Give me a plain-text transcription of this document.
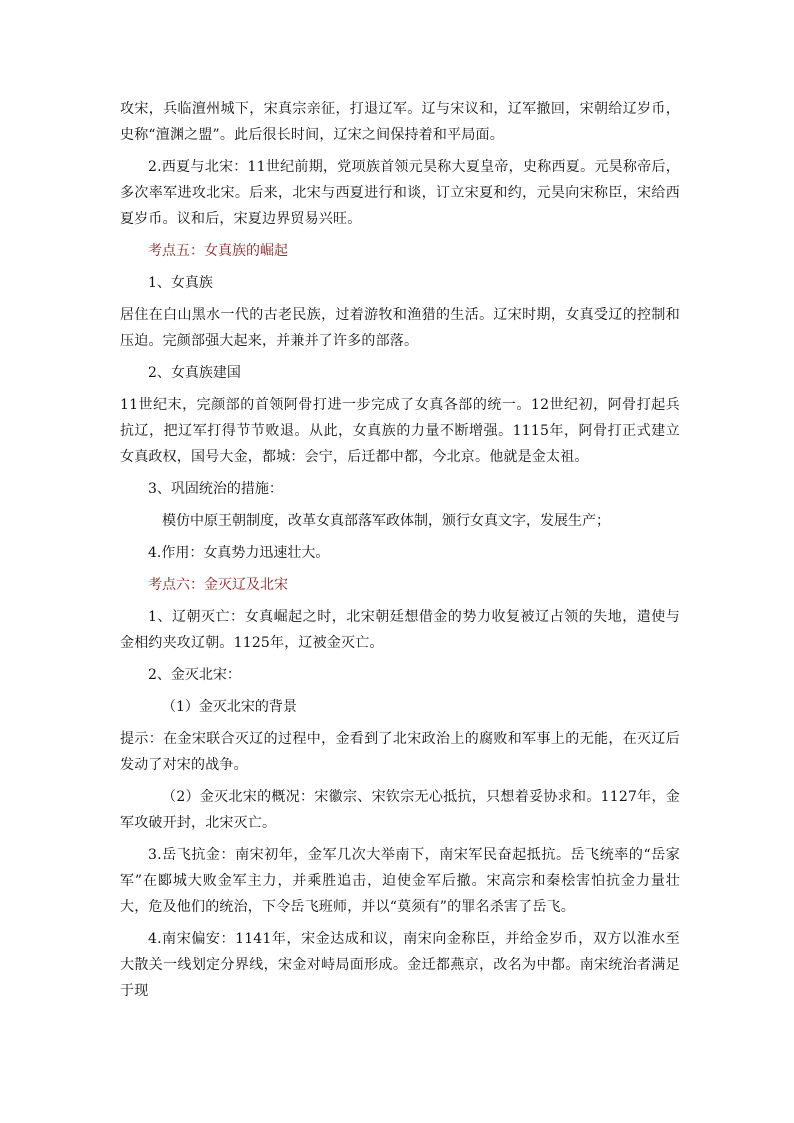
攻宋，兵临澶州城下，宋真宗亲征，打退辽军。辽与宋议和，辽军撤回，宋朝给辽岁币，史称“澶渊之盟”。此后很长时间，辽宋之间保持着和平局面。

2.西夏与北宋：11世纪前期，党项族首领元昊称大夏皇帝，史称西夏。元昊称帝后，多次率军进攻北宋。后来，北宋与西夏进行和谈，订立宋夏和约，元昊向宋称臣，宋给西夏岁币。议和后，宋夏边界贸易兴旺。

考点五：女真族的崛起

1、女真族

居住在白山黑水一代的古老民族，过着游牧和渔猎的生活。辽宋时期，女真受辽的控制和压迫。完颜部强大起来，并兼并了许多的部落。

2、女真族建国

11世纪末，完颜部的首领阿骨打进一步完成了女真各部的统一。12世纪初，阿骨打起兵抗辽，把辽军打得节节败退。从此，女真族的力量不断增强。1115年，阿骨打正式建立女真政权，国号大金，都城：会宁，后迁都中都，今北京。他就是金太祖。

3、巩固统治的措施：

模仿中原王朝制度，改革女真部落军政体制，颁行女真文字，发展生产；

4.作用：女真势力迅速壮大。

考点六：金灭辽及北宋

1、辽朝灭亡：女真崛起之时，北宋朝廷想借金的势力收复被辽占领的失地，遣使与金相约夹攻辽朝。1125年，辽被金灭亡。

2、金灭北宋：

（1）金灭北宋的背景

提示：在金宋联合灭辽的过程中，金看到了北宋政治上的腐败和军事上的无能，在灭辽后发动了对宋的战争。

（2）金灭北宋的概况：宋徽宗、宋钦宗无心抵抗，只想着妥协求和。1127年，金军攻破开封，北宋灭亡。

3.岳飞抗金：南宋初年，金军几次大举南下，南宋军民奋起抵抗。岳飞统率的“岳家军”在郾城大败金军主力，并乘胜追击，迫使金军后撤。宋高宗和秦桧害怕抗金力量壮大，危及他们的统治，下令岳飞班师，并以“莫须有”的罪名杀害了岳飞。

4.南宋偏安：1141年，宋金达成和议，南宋向金称臣，并给金岁币，双方以淮水至大散关一线划定分界线，宋金对峙局面形成。金迁都燕京，改名为中都。南宋统治者满足于现
